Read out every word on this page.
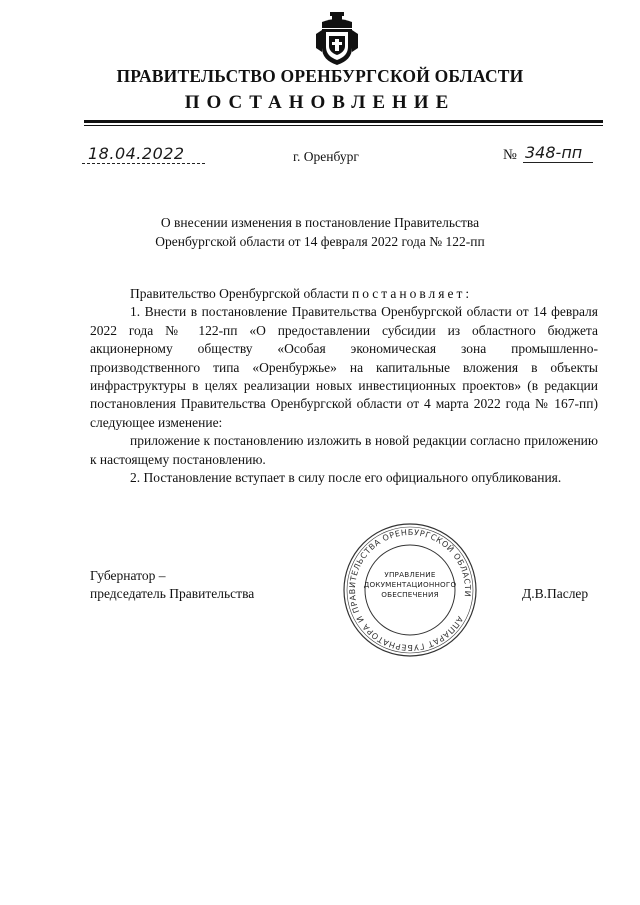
ПРАВИТЕЛЬСТВО ОРЕНБУРГСКОЙ ОБЛАСТИ
ПОСТАНОВЛЕНИЕ
18.04.2022	г. Оренбург	№ 348-пп
О внесении изменения в постановление Правительства
Оренбургской области от 14 февраля 2022 года № 122-пп

Правительство Оренбургской области постановляет:

1. Внести в постановление Правительства Оренбургской области от 14 февраля 2022 года № 122-пп «О предоставлении субсидии из областного бюджета акционерному обществу «Особая экономическая зона промышленно-производственного типа «Оренбуржье» на капитальные вложения в объекты инфраструктуры в целях реализации новых инвестиционных проектов» (в редакции постановления Правительства Оренбургской области от 4 марта 2022 года № 167-пп) следующее изменение:

приложение к постановлению изложить в новой редакции согласно приложению к настоящему постановлению.

2. Постановление вступает в силу после его официального опубликования.

Губернатор –
председатель Правительства	Д.В.Паслер
АППАРАТ ГУБЕРНАТОРА И ПРАВИТЕЛЬСТВА ОРЕНБУРГСКОЙ ОБЛАСТИ
УПРАВЛЕНИЕ
ДОКУМЕНТАЦИОННОГО
ОБЕСПЕЧЕНИЯ
